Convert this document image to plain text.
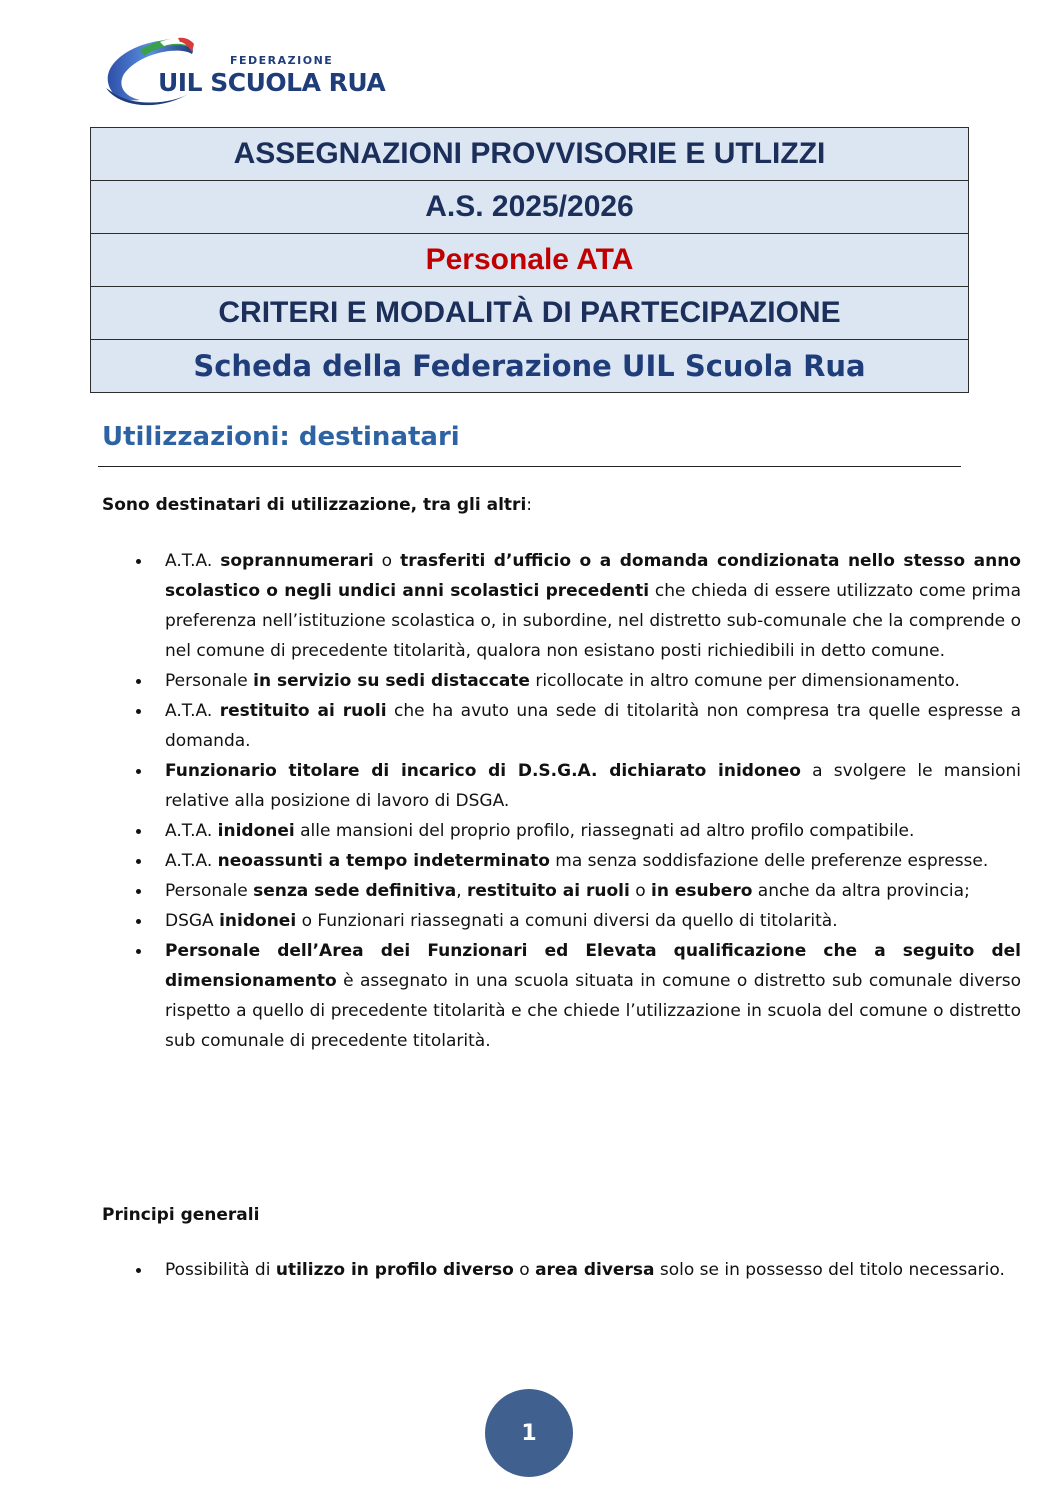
FEDERAZIONE
UIL SCUOLA RUA
ASSEGNAZIONI PROVVISORIE E UTLIZZI
A.S. 2025/2026
Personale ATA
CRITERI E MODALITÀ DI PARTECIPAZIONE
Scheda della Federazione UIL Scuola Rua
Utilizzazioni: destinatari
Sono destinatari di utilizzazione, tra gli altri:
A.T.A. soprannumerari o trasferiti d’ufficio o a domanda condizionata nello stesso anno scolastico o negli undici anni scolastici precedenti che chieda di essere utilizzato come prima preferenza nell’istituzione scolastica o, in subordine, nel distretto sub-comunale che la comprende o nel comune di precedente titolarità, qualora non esistano posti richiedibili in detto comune.
Personale in servizio su sedi distaccate ricollocate in altro comune per dimensionamento.
A.T.A. restituito ai ruoli che ha avuto una sede di titolarità non compresa tra quelle espresse a domanda.
Funzionario titolare di incarico di D.S.G.A. dichiarato inidoneo a svolgere le mansioni relative alla posizione di lavoro di DSGA.
A.T.A. inidonei alle mansioni del proprio profilo, riassegnati ad altro profilo compatibile.
A.T.A. neoassunti a tempo indeterminato ma senza soddisfazione delle preferenze espresse.
Personale senza sede definitiva, restituito ai ruoli o in esubero anche da altra provincia;
DSGA inidonei o Funzionari riassegnati a comuni diversi da quello di titolarità.
Personale dell’Area dei Funzionari ed Elevata qualificazione che a seguito del dimensionamento è assegnato in una scuola situata in comune o distretto sub comunale diverso rispetto a quello di precedente titolarità e che chiede l’utilizzazione in scuola del comune o distretto sub comunale di precedente titolarità.
Principi generali
Possibilità di utilizzo in profilo diverso o area diversa solo se in possesso del titolo necessario.
1
